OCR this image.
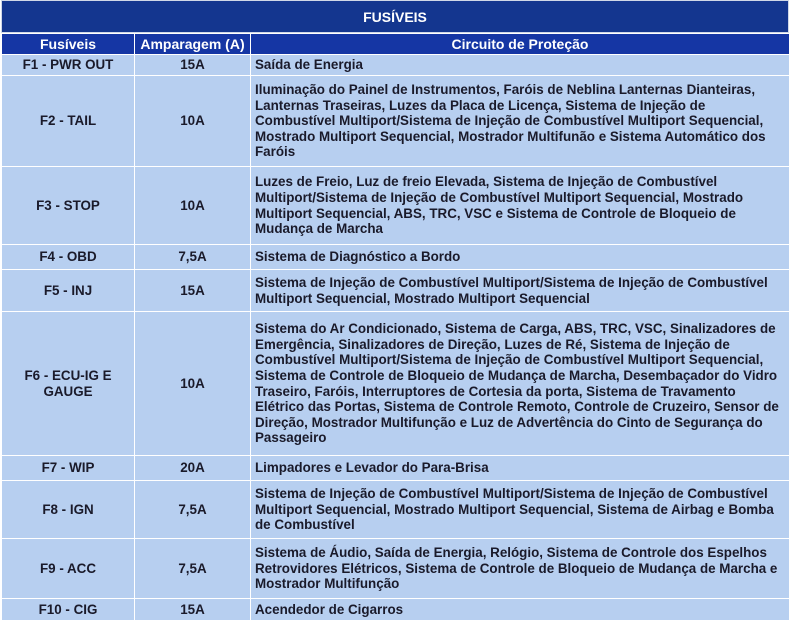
FUSÍVEIS
Fusíveis	Amparagem (A)	Circuito de Proteção
F1 - PWR OUT	15A	Saída de Energia
F2 - TAIL	10A	Iluminação do Painel de Instrumentos, Faróis de Neblina Lanternas Dianteiras, Lanternas Traseiras, Luzes da Placa de Licença, Sistema de Injeção de Combustível Multiport/Sistema de Injeção de Combustível Multiport Sequencial, Mostrado Multiport Sequencial, Mostrador Multifunão e Sistema Automático dos Faróis
F3 - STOP	10A	Luzes de Freio, Luz de freio Elevada, Sistema de Injeção de Combustível Multiport/Sistema de Injeção de Combustível Multiport Sequencial, Mostrado Multiport Sequencial, ABS, TRC, VSC e Sistema de Controle de Bloqueio de Mudança de Marcha
F4 - OBD	7,5A	Sistema de Diagnóstico a Bordo
F5 - INJ	15A	Sistema de Injeção de Combustível Multiport/Sistema de Injeção de Combustível Multiport Sequencial, Mostrado Multiport Sequencial
F6 - ECU-IG E GAUGE	10A	Sistema do Ar Condicionado, Sistema de Carga, ABS, TRC, VSC, Sinalizadores de Emergência, Sinalizadores de Direção, Luzes de Ré, Sistema de Injeção de Combustível Multiport/Sistema de Injeção de Combustível Multiport Sequencial, Sistema de Controle de Bloqueio de Mudança de Marcha, Desembaçador do Vidro Traseiro, Faróis, Interruptores de Cortesia da porta, Sistema de Travamento Elétrico das Portas, Sistema de Controle Remoto, Controle de Cruzeiro, Sensor de Direção, Mostrador Multifunção e Luz de Advertência do Cinto de Segurança do Passageiro
F7 - WIP	20A	Limpadores e Levador do Para-Brisa
F8 - IGN	7,5A	Sistema de Injeção de Combustível Multiport/Sistema de Injeção de Combustível Multiport Sequencial, Mostrado Multiport Sequencial, Sistema de Airbag e Bomba de Combustível
F9 - ACC	7,5A	Sistema de Áudio, Saída de Energia, Relógio, Sistema de Controle dos Espelhos Retrovidores Elétricos, Sistema de Controle de Bloqueio de Mudança de Marcha e Mostrador Multifunção
F10 - CIG	15A	Acendedor de Cigarros
